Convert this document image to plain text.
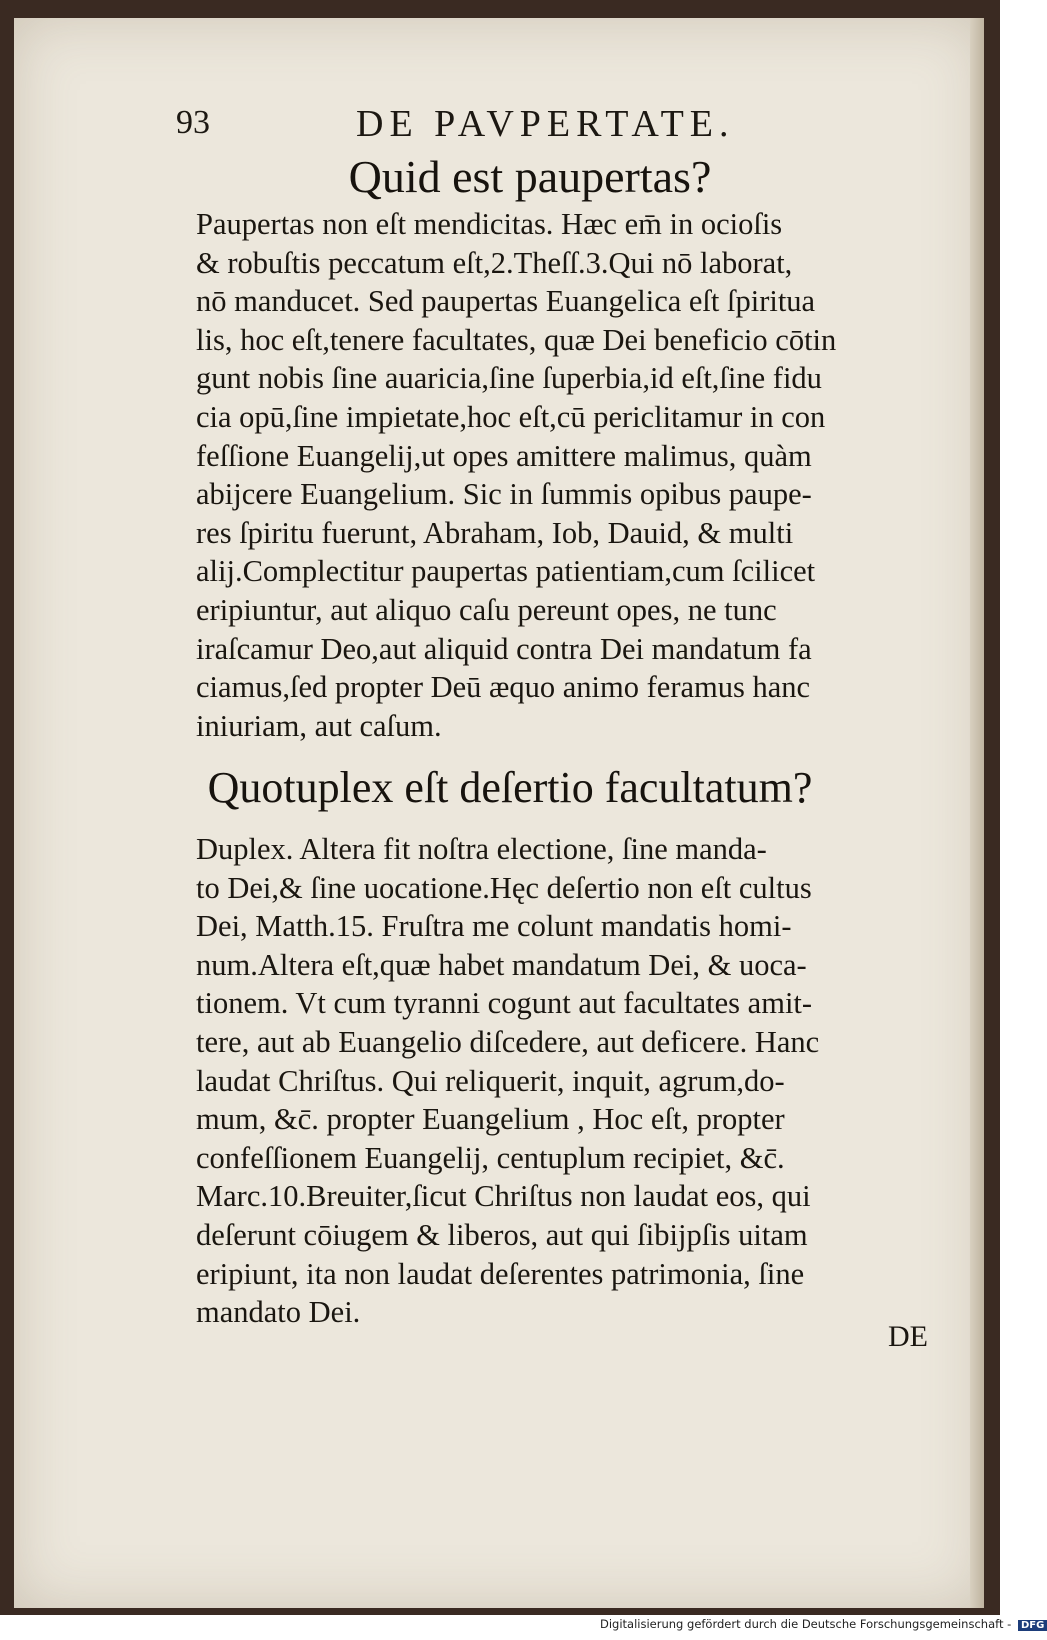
93	DE PAVPERTATE.
Quid est paupertas?
Paupertas non eſt mendicitas. Hæc em̄ in ocioſis
& robuſtis peccatum eſt,2.Theſſ.3.Qui nō laborat,
nō manducet. Sed paupertas Euangelica eſt ſpiritua
lis, hoc eſt,tenere facultates, quæ Dei beneficio cōtin
gunt nobis ſine auaricia,ſine ſuperbia,id eſt,ſine fidu
cia opū,ſine impietate,hoc eſt,cū periclitamur in con
feſſione Euangelij,ut opes amittere malimus, quàm
abijcere Euangelium. Sic in ſummis opibus paupe-
res ſpiritu fuerunt, Abraham, Iob, Dauid, & multi
alij.Complectitur paupertas patientiam,cum ſcilicet
eripiuntur, aut aliquo caſu pereunt opes, ne tunc
iraſcamur Deo,aut aliquid contra Dei mandatum fa
ciamus,ſed propter Deū æquo animo feramus hanc
iniuriam, aut caſum.
Quotuplex eſt deſertio facultatum?
Duplex. Altera fit noſtra electione, ſine manda-
to Dei,& ſine uocatione.Hęc deſertio non eſt cultus
Dei, Matth.15. Fruſtra me colunt mandatis homi-
num.Altera eſt,quæ habet mandatum Dei, & uoca-
tionem. Vt cum tyranni cogunt aut facultates amit-
tere, aut ab Euangelio diſcedere, aut deficere. Hanc
laudat Chriſtus. Qui reliquerit, inquit, agrum,do-
mum, &c̄. propter Euangelium , Hoc eſt, propter
confeſſionem Euangelij, centuplum recipiet, &c̄.
Marc.10.Breuiter,ſicut Chriſtus non laudat eos, qui
deſerunt cōiugem & liberos, aut qui ſibijpſis uitam
eripiunt, ita non laudat deſerentes patrimonia, ſine
mandato Dei.
DE
Digitalisierung gefördert durch die Deutsche Forschungsgemeinschaft - DFG
